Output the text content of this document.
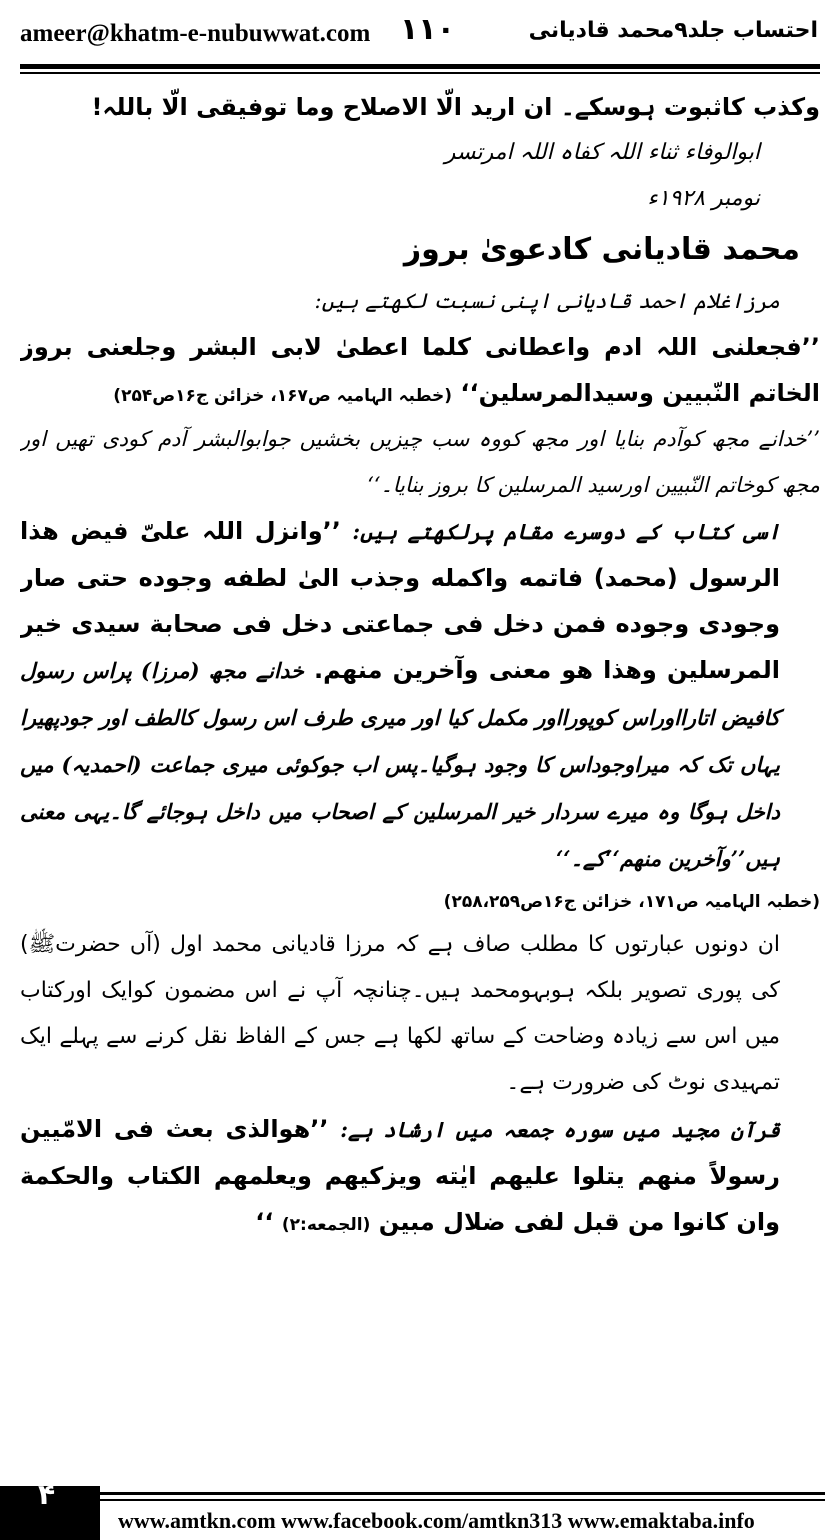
ameer@khatm-e-nubuwwat.com ١١٠	احتساب جلد۹محمد قادیانی

وکذب کاثبوت ہوسکے۔ ان ارید الّا الاصلاح وما توفیقی الّا باللہ!

ابوالوفاء ثناء اللہ کفاہ اللہ امرتسر

نومبر ۱۹۲۸ء

محمد قادیانی کادعویٰ بروز

مرزاغلام احمد قادیانی اپنی نسبت لکھتے ہیں:

’’فجعلنی اللہ ادم واعطانی کلما اعطیٰ لابی البشر وجلعنی بروز الخاتم النّبیین وسیدالمرسلین‘‘ (خطبہ الہامیہ ص۱۶۷، خزائن ج۱۶ص۲۵۴)

’’خدانے مجھ کوآدم بنایا اور مجھ کووہ سب چیزیں بخشیں جوابوالبشر آدم کودی تھیں اور مجھ کوخاتم النّبیین اورسید المرسلین کا بروز بنایا۔‘‘

اسی کتاب کے دوسرے مقام پرلکھتے ہیں: ’’وانزل اللہ علیّ فیض ھذا الرسول (محمد) فاتمه واکمله وجذب الیٰ لطفه وجوده حتی صار وجودی وجوده فمن دخل فی جماعتی دخل فی صحابة سیدی خیر المرسلین وھذا ھو معنی وآخرین منھم. خدانے مجھ (مرزا) پراس رسول کافیض اتارااوراس کوپورااور مکمل کیا اور میری طرف اس رسول کالطف اور جودپھیرا یہاں تک کہ میراوجوداس کا وجود ہوگیا۔پس اب جوکوئی میری جماعت (احمدیہ) میں داخل ہوگا وہ میرے سردار خیر المرسلین کے اصحاب میں داخل ہوجائے گا۔یہی معنی ہیں’’وآخرین منھم‘‘کے۔‘‘

(خطبہ الہامیہ ص۱۷۱، خزائن ج۱۶ص۲۵۸،۲۵۹)

ان دونوں عبارتوں کا مطلب صاف ہے کہ مرزا قادیانی محمد اول (آں حضرتﷺ) کی پوری تصویر بلکہ ہوبہومحمد ہیں۔چنانچہ آپ نے اس مضمون کوایک اورکتاب میں اس سے زیادہ وضاحت کے ساتھ لکھا ہے جس کے الفاظ نقل کرنے سے پہلے ایک تمہیدی نوٹ کی ضرورت ہے۔

قرآن مجید میں سورہ جمعہ میں ارشاد ہے: ’’ھوالذی بعث فی الامّیین رسولاً منھم یتلوا علیھم ایٰته ویزکیھم ویعلمھم الکتاب والحکمة وان کانوا من قبل لفی ضلال مبین (الجمعه:۲) ‘‘

۴
www.amtkn.com www.facebook.com/amtkn313 www.emaktaba.info
